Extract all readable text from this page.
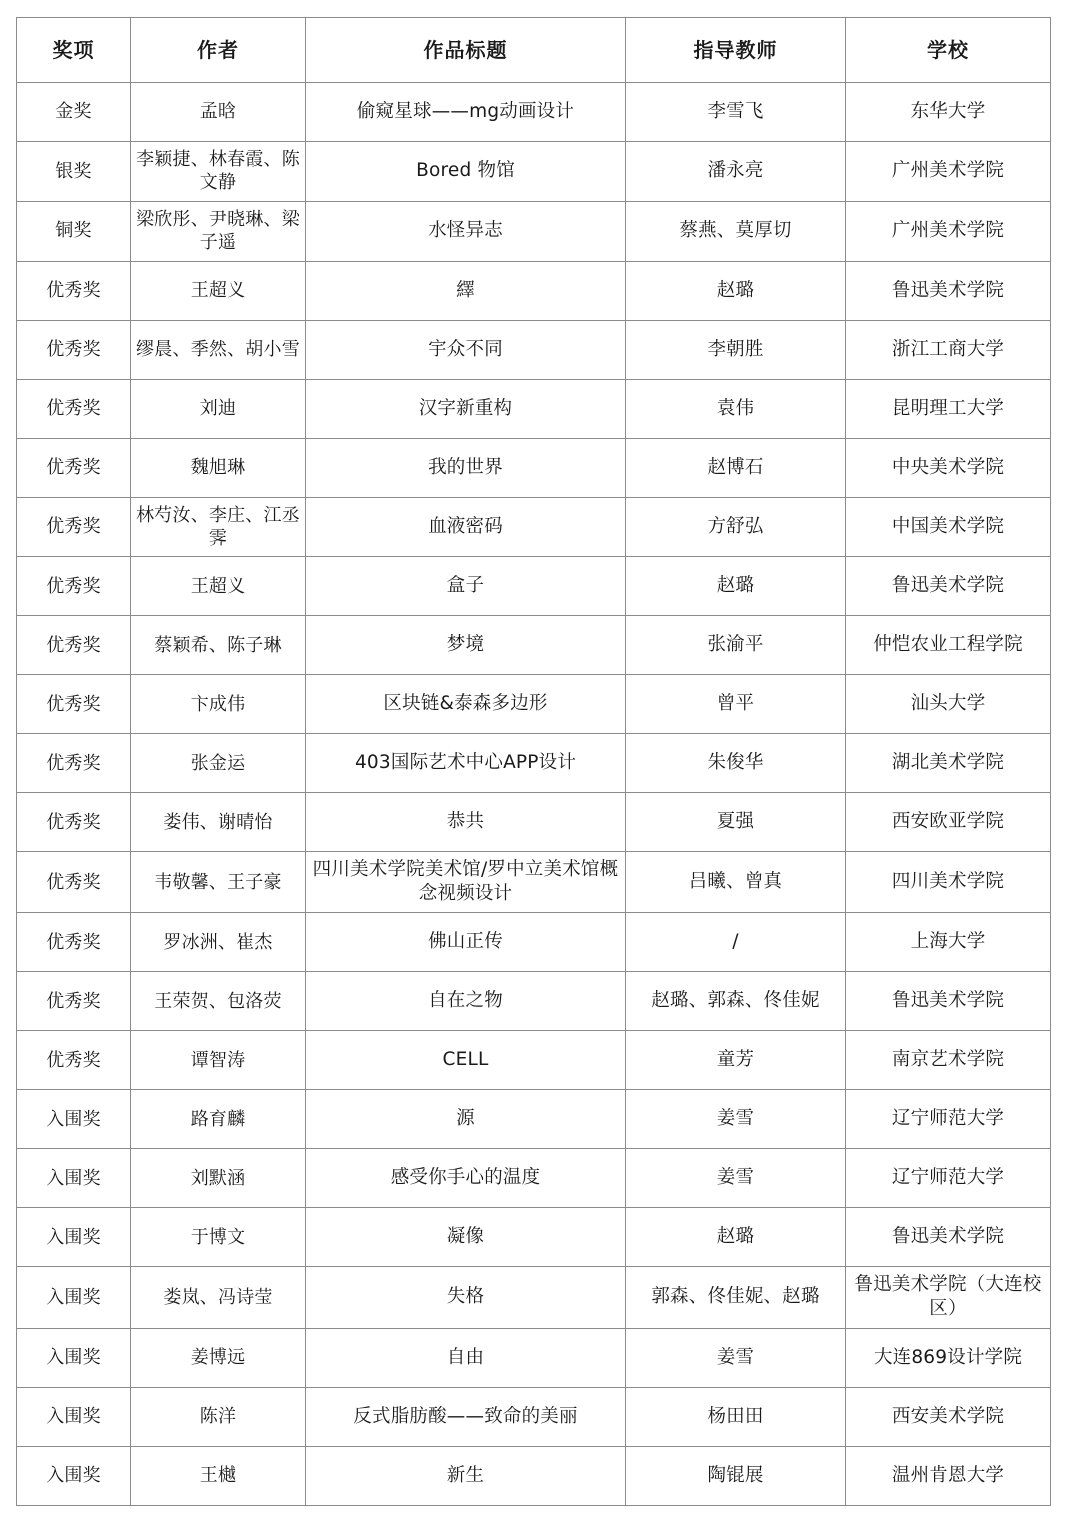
奖项	作者	作品标题	指导教师	学校
金奖	孟晗	偷窥星球——mg动画设计	李雪飞	东华大学
银奖	李颖捷、林春霞、陈文静	Bored 物馆	潘永亮	广州美术学院
铜奖	梁欣彤、尹晓琳、梁子遥	水怪异志	蔡燕、莫厚切	广州美术学院
优秀奖	王超义	繹	赵璐	鲁迅美术学院
优秀奖	缪晨、季然、胡小雪	宇众不同	李朝胜	浙江工商大学
优秀奖	刘迪	汉字新重构	袁伟	昆明理工大学
优秀奖	魏旭琳	我的世界	赵博石	中央美术学院
优秀奖	林芍汝、李庄、江丞霁	血液密码	方舒弘	中国美术学院
优秀奖	王超义	盒子	赵璐	鲁迅美术学院
优秀奖	蔡颖希、陈子琳	梦境	张渝平	仲恺农业工程学院
优秀奖	卞成伟	区块链&泰森多边形	曾平	汕头大学
优秀奖	张金运	403国际艺术中心APP设计	朱俊华	湖北美术学院
优秀奖	娄伟、谢晴怡	恭共	夏强	西安欧亚学院
优秀奖	韦敬馨、王子豪	四川美术学院美术馆/罗中立美术馆概念视频设计	吕曦、曾真	四川美术学院
优秀奖	罗冰洲、崔杰	佛山正传	/	上海大学
优秀奖	王荣贺、包洛荧	自在之物	赵璐、郭森、佟佳妮	鲁迅美术学院
优秀奖	谭智涛	CELL	童芳	南京艺术学院
入围奖	路育麟	源	姜雪	辽宁师范大学
入围奖	刘默涵	感受你手心的温度	姜雪	辽宁师范大学
入围奖	于博文	凝像	赵璐	鲁迅美术学院
入围奖	娄岚、冯诗莹	失格	郭森、佟佳妮、赵璐	鲁迅美术学院（大连校区）
入围奖	姜博远	自由	姜雪	大连869设计学院
入围奖	陈洋	反式脂肪酸——致命的美丽	杨田田	西安美术学院
入围奖	王樾	新生	陶锟展	温州肯恩大学
